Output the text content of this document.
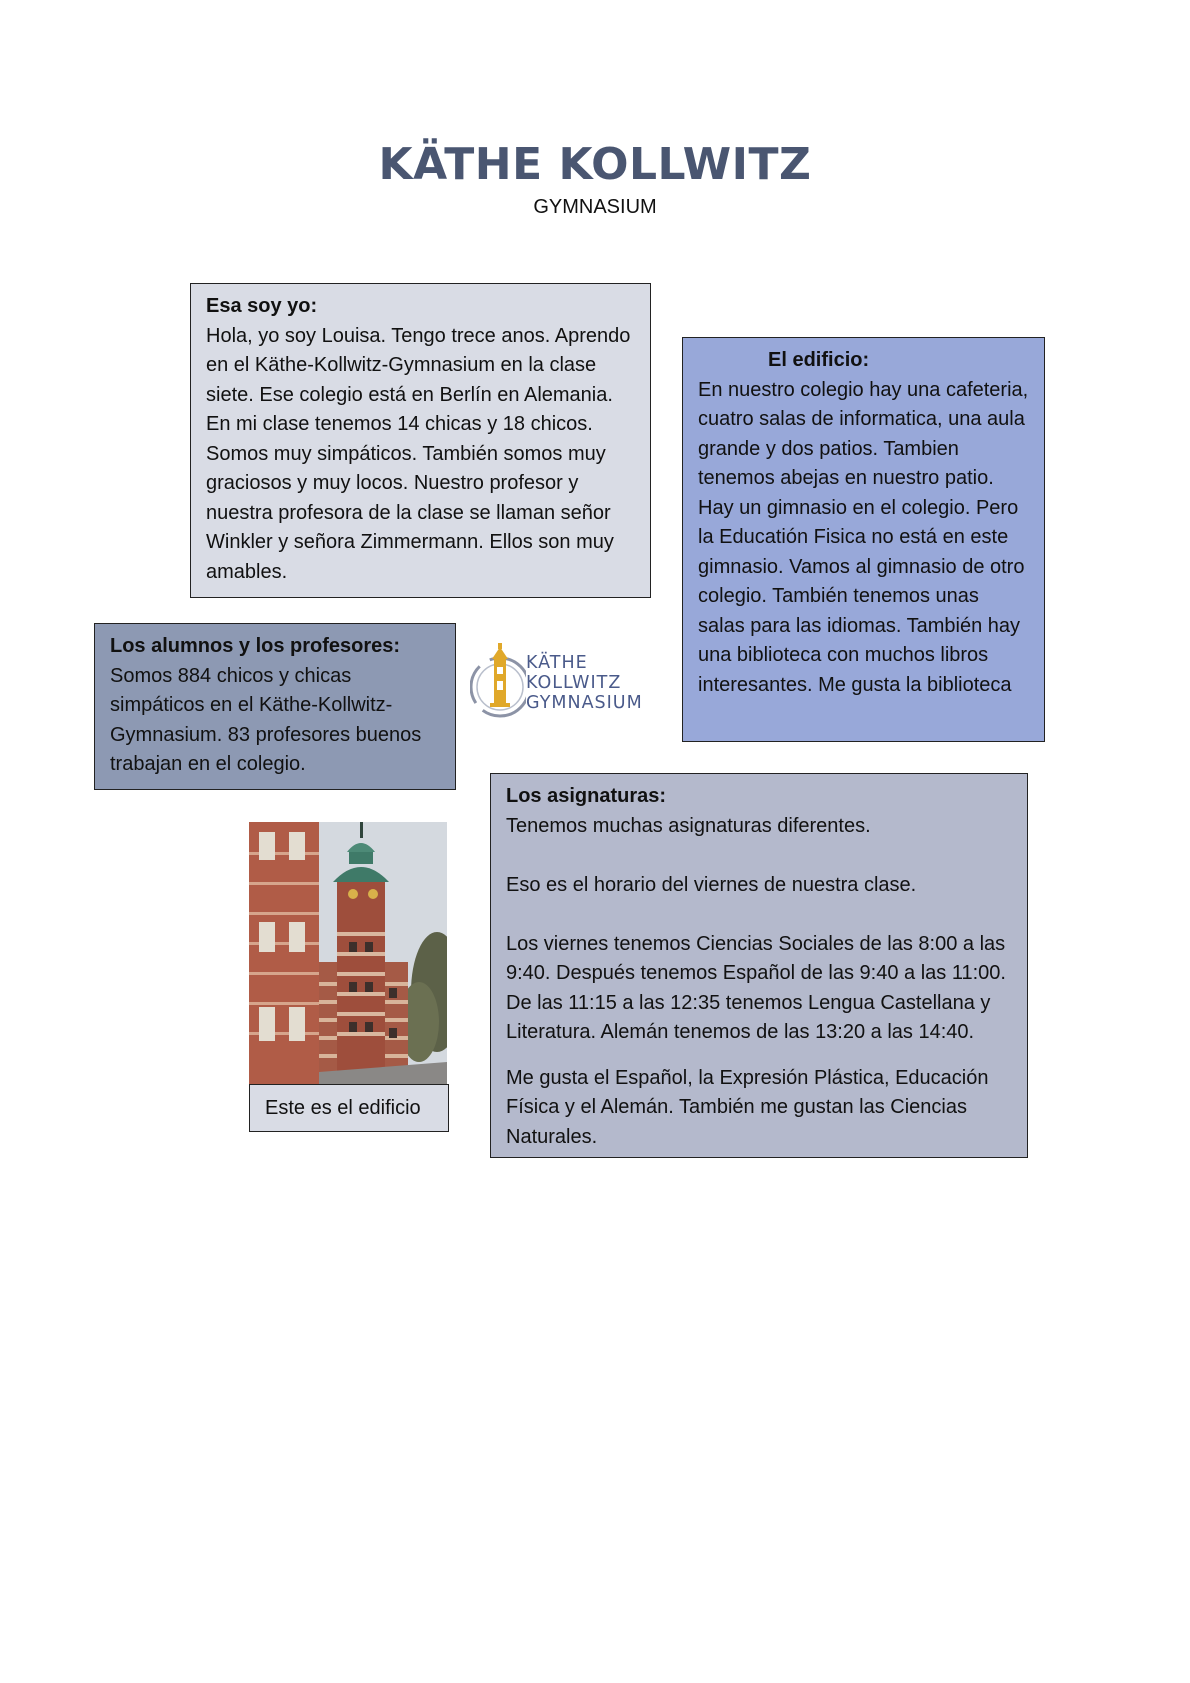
KÄTHE KOLLWITZ
GYMNASIUM
Esa soy yo:

Hola, yo soy Louisa. Tengo trece anos. Aprendo en el Käthe-Kollwitz-Gymnasium en la clase siete. Ese colegio está en Berlín en Alemania. En mi clase tenemos 14 chicas y 18 chicos. Somos muy simpáticos. También somos muy graciosos y muy locos. Nuestro profesor y nuestra profesora de la clase se llaman señor Winkler y señora Zimmermann. Ellos son muy amables.

El edificio:

En nuestro colegio hay una cafeteria, cuatro salas de informatica, una aula grande y dos patios. Tambien tenemos abejas en nuestro patio. Hay un gimnasio en el colegio. Pero la Educatión Fisica no está en este gimnasio. Vamos al gimnasio de otro colegio. También tenemos unas salas para las idiomas. También hay una biblioteca con muchos libros interesantes. Me gusta la biblioteca

Los alumnos y los profesores:

Somos 884 chicos y chicas simpáticos en el Käthe-Kollwitz-Gymnasium. 83 profesores buenos trabajan en el colegio.

KÄTHE
KOLLWITZ
GYMNASIUM
Los asignaturas:

Tenemos muchas asignaturas diferentes.

Eso es el horario del viernes de nuestra clase.

Los viernes tenemos Ciencias Sociales de las 8:00 a las 9:40. Después tenemos Español de las 9:40 a las 11:00. De las 11:15 a las 12:35 tenemos Lengua Castellana y Literatura. Alemán tenemos de las 13:20 a las 14:40.

Me gusta el Español, la Expresión Plástica, Educación Física y el Alemán. También me gustan las Ciencias Naturales.

Este es el edificio
